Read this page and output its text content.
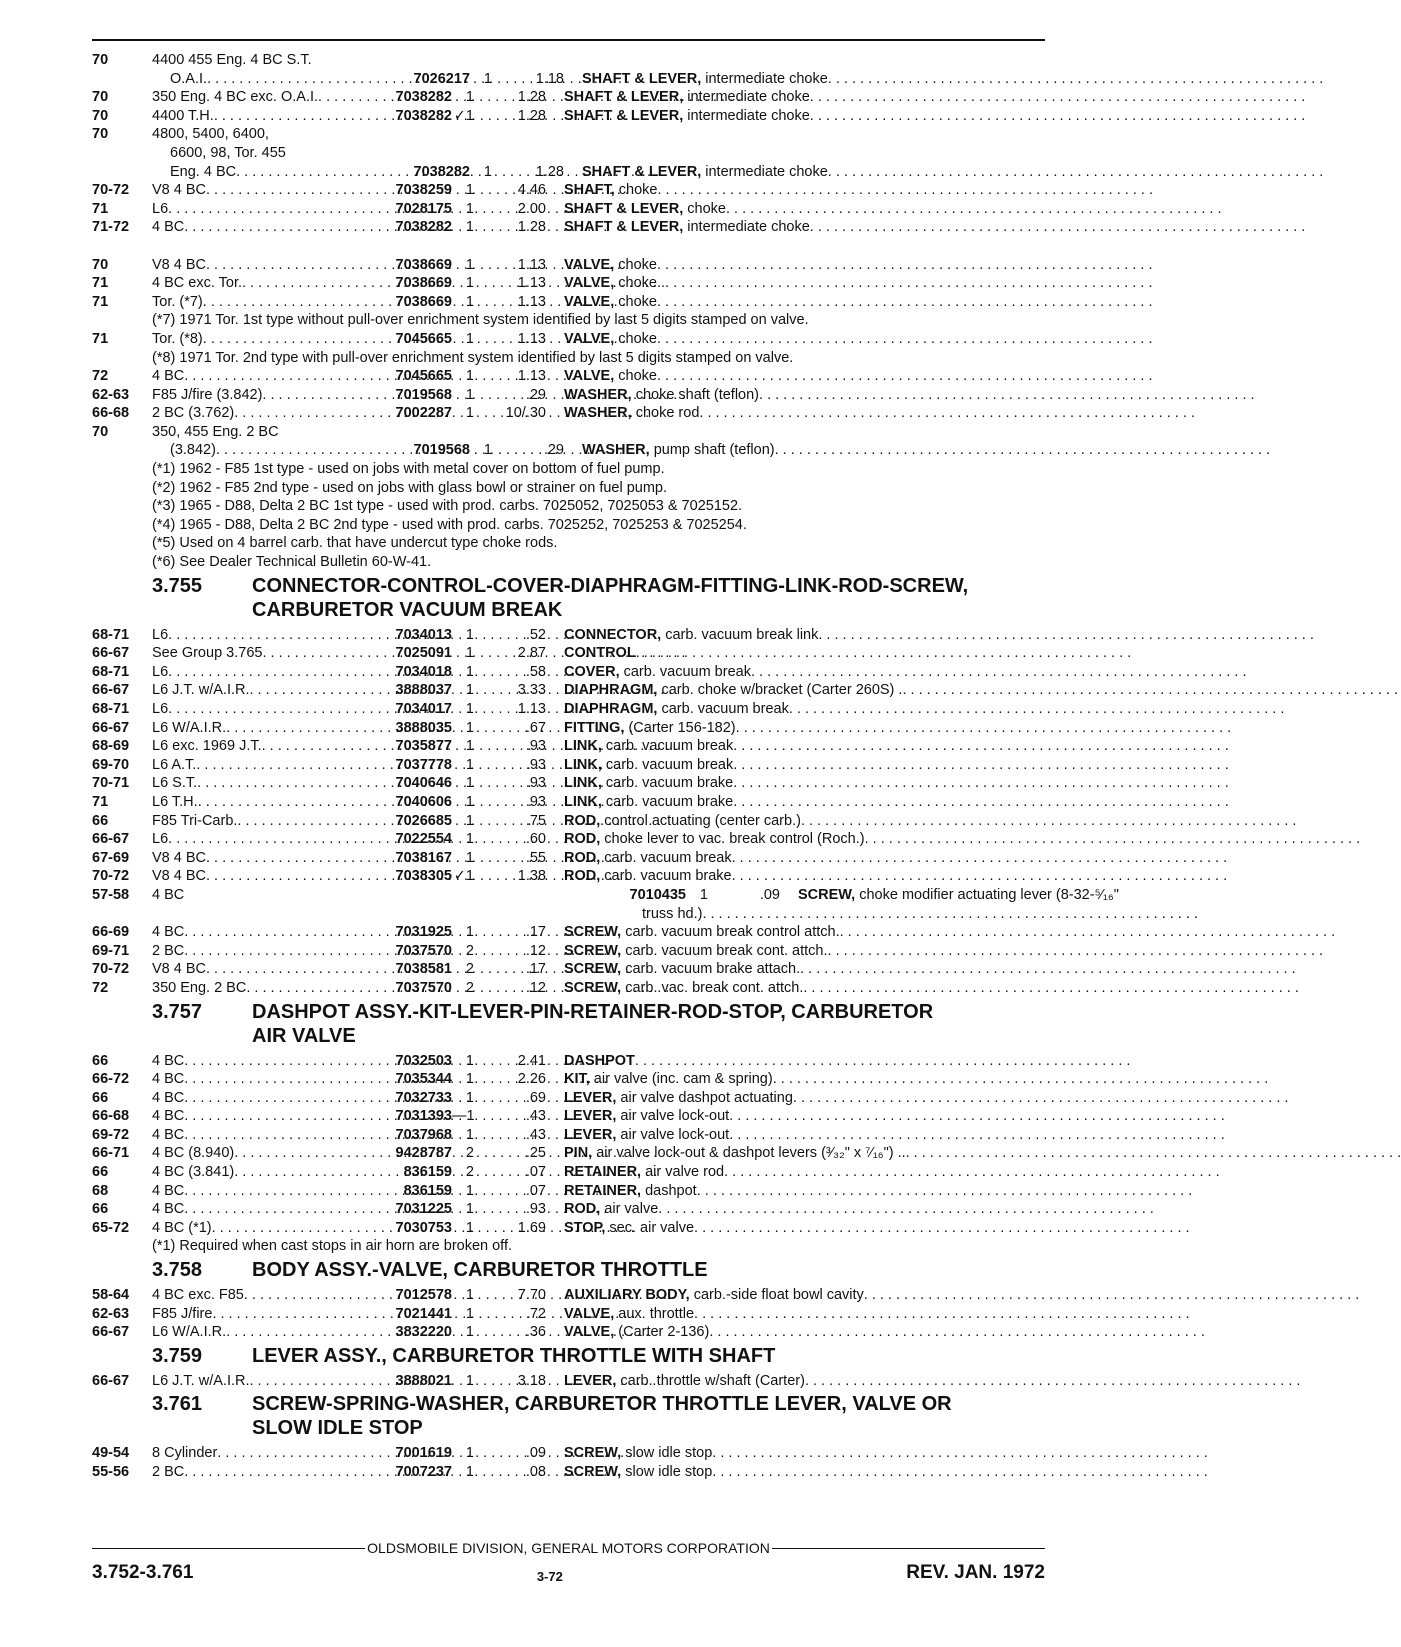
70	4400 455 Eng. 4 BC S.T.
O.A.I. . . .	7026217 1	1.18 SHAFT & LEVER, intermediate choke
. . .
70	350 Eng. 4 BC exc. O.A.I. . . .	7038282 1	1.28 SHAFT & LEVER, intermediate choke
. . .
70	4400 T.H. . . .	7038282 ✓1	1.28 SHAFT & LEVER, intermediate choke
. . .
70	4800, 5400, 6400,
6600, 98, Tor. 455
Eng. 4 BC . . .	7038282 1	1.28 SHAFT & LEVER, intermediate choke
. . .
70-72	V8 4 BC . . .	7038259 1	4.46 SHAFT, choke
. . .
71	L6 . . .	7028175 1	2.00 SHAFT & LEVER, choke
. . .
71-72	4 BC . . .	7038282 1	1.28 SHAFT & LEVER, intermediate choke
. . .
70	V8 4 BC . . .	7038669 1	1.13 VALVE, choke
. . .
71	4 BC exc. Tor. . . .	7038669 1	1.13 VALVE, choke
. . .
71	Tor. (*7) . . .	7038669 1	1.13 VALVE, choke
. . .
(*7) 1971 Tor. 1st type without pull-over enrichment system identified by last 5 digits stamped on valve.
71	Tor. (*8) . . .	7045665 1	1.13 VALVE, choke
. . .
(*8) 1971 Tor. 2nd type with pull-over enrichment system identified by last 5 digits stamped on valve.
72	4 BC . . .	7045665 1	1.13 VALVE, choke
. . .
62-63	F85 J/fire (3.842) . . .	7019568 1	.29 WASHER, choke shaft (teflon)
. . .
66-68	2 BC (3.762) . . .	7002287 1	10/.30 WASHER, choke rod
. . .
70	350, 455 Eng. 2 BC
(3.842) . . .	7019568 1	.29 WASHER, pump shaft (teflon)
. . .
(*1) 1962 - F85 1st type - used on jobs with metal cover on bottom of fuel pump.
(*2) 1962 - F85 2nd type - used on jobs with glass bowl or strainer on fuel pump.
(*3) 1965 - D88, Delta 2 BC 1st type - used with prod. carbs. 7025052, 7025053 & 7025152.
(*4) 1965 - D88, Delta 2 BC 2nd type - used with prod. carbs. 7025252, 7025253 & 7025254.
(*5) Used on 4 barrel carb. that have undercut type choke rods.
(*6) See Dealer Technical Bulletin 60-W-41.
3.755	CONNECTOR-CONTROL-COVER-DIAPHRAGM-FITTING-LINK-ROD-SCREW,
CARBURETOR VACUUM BREAK
68-71	L6 . . .	7034013 1	.52 CONNECTOR, carb. vacuum break link
. . .
66-67	See Group 3.765 . . .	7025091 1	2.87 CONTROL
. . .
68-71	L6 . . .	7034018 1	.58 COVER, carb. vacuum break
. . .
66-67	L6 J.T. w/A.I.R. . . .	3888037 1	3.33 DIAPHRAGM, carb. choke w/bracket (Carter 260S) .
. . .
68-71	L6 . . .	7034017 1	1.13 DIAPHRAGM, carb. vacuum break
. . .
66-67	L6 W/A.I.R. . . .	3888035 1	.67 FITTING, (Carter 156-182)
. . .
68-69	L6 exc. 1969 J.T. . . .	7035877 1	.93 LINK, carb. vacuum break
. . .
69-70	L6 A.T. . . .	7037778 1	.93 LINK, carb. vacuum break
. . .
70-71	L6 S.T. . . .	7040646 1	.93 LINK, carb. vacuum brake
. . .
71	L6 T.H. . . .	7040606 1	.93 LINK, carb. vacuum brake
. . .
66	F85 Tri-Carb. . . .	7026685 1	.75 ROD, control actuating (center carb.)
. . .
66-67	L6 . . .	7022554 1	.60 ROD, choke lever to vac. break control (Roch.)
. . .
67-69	V8 4 BC . . .	7038167 1	.55 ROD, carb. vacuum break
. . .
70-72	V8 4 BC . . .	7038305 ✓1	1.38 ROD, carb. vacuum brake
. . .
57-58	4 BC	7010435 1	.09 SCREW, choke modifier actuating lever (8-32-⁵⁄₁₆"
truss hd.)
. . .
66-69	4 BC . . .	7031925 1	.17 SCREW, carb. vacuum break control attch.
. . .
69-71	2 BC . . .	7037570 2	.12 SCREW, carb. vacuum break cont. attch.
. . .
70-72	V8 4 BC . . .	7038581 2	.17 SCREW, carb. vacuum brake attach.
. . .
72	350 Eng. 2 BC . . .	7037570 2	.12 SCREW, carb. vac. break cont. attch.
. . .
3.757	DASHPOT ASSY.-KIT-LEVER-PIN-RETAINER-ROD-STOP, CARBURETOR
AIR VALVE
66	4 BC . . .	7032503 1	2.41 DASHPOT
. . .
66-72	4 BC . . .	7035344 1	2.26 KIT, air valve (inc. cam & spring)
. . .
66	4 BC . . .	7032733 1	.69 LEVER, air valve dashpot actuating
. . .
66-68	4 BC . . .	7031393 —1	.43 LEVER, air valve lock-out
. . .
69-72	4 BC . . .	7037968 1	.43 LEVER, air valve lock-out
. . .
66-71	4 BC (8.940) . . .	9428787 2	.25 PIN, air valve lock-out & dashpot levers (³⁄₃₂" x ⁷⁄₁₆") ..
. . .
66	4 BC (3.841) . . .	836159 2	.07 RETAINER, air valve rod
. . .
68	4 BC . . .	836159 1	.07 RETAINER, dashpot
. . .
66	4 BC . . .	7031225 1	.93 ROD, air valve
. . .
65-72	4 BC (*1) . . .	7030753 1	1.69 STOP, sec. air valve
. . .
(*1) Required when cast stops in air horn are broken off.
3.758	BODY ASSY.-VALVE, CARBURETOR THROTTLE
58-64	4 BC exc. F85 . . .	7012578 1	7.70 AUXILIARY BODY, carb.-side float bowl cavity
. . .
62-63	F85 J/fire . . .	7021441 1	.72 VALVE, aux. throttle
. . .
66-67	L6 W/A.I.R. . . .	3832220 1	.36 VALVE, (Carter 2-136)
. . .
3.759	LEVER ASSY., CARBURETOR THROTTLE WITH SHAFT
66-67	L6 J.T. w/A.I.R. . . .	3888021 1	3.18 LEVER, carb. throttle w/shaft (Carter)
. . .
3.761	SCREW-SPRING-WASHER, CARBURETOR THROTTLE LEVER, VALVE OR
SLOW IDLE STOP
49-54	8 Cylinder . . .	7001619 1	.09 SCREW, slow idle stop
. . .
55-56	2 BC . . .	7007237 1	.08 SCREW, slow idle stop
. . .
OLDSMOBILE DIVISION, GENERAL MOTORS CORPORATION
3.752-3.761	3-72	REV. JAN. 1972
